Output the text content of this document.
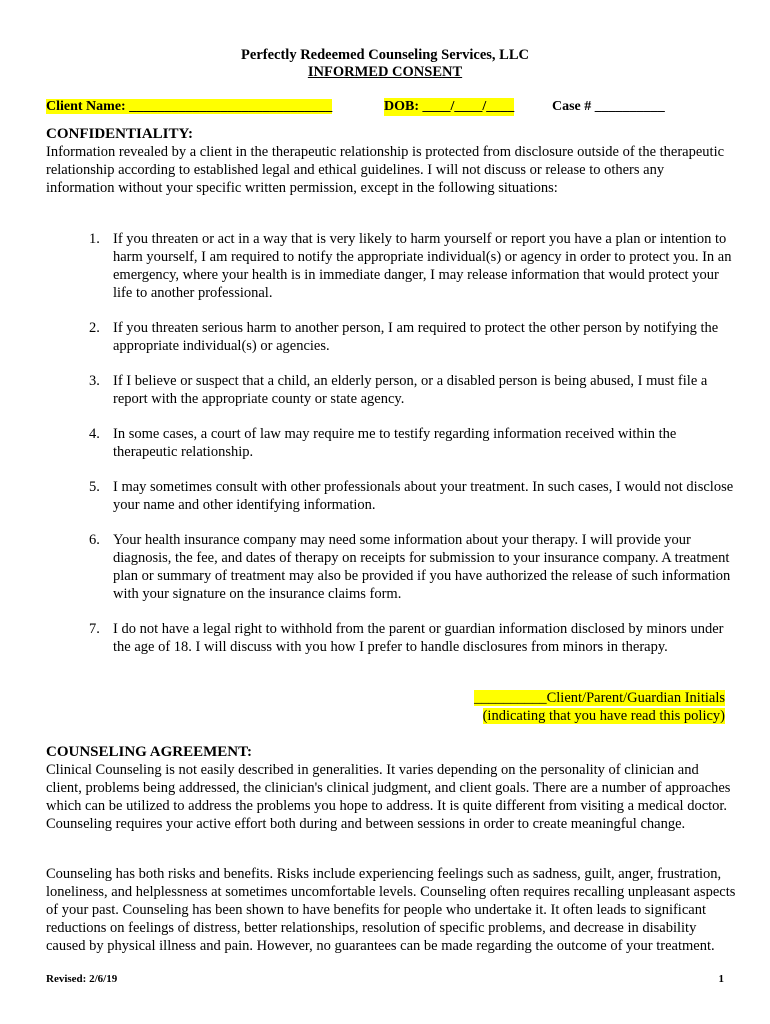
Perfectly Redeemed Counseling Services, LLC
INFORMED CONSENT
Client Name: _____________________________	DOB: ____/____/____	Case # __________
CONFIDENTIALITY:
Information revealed by a client in the therapeutic relationship is protected from disclosure outside of the therapeutic relationship according to established legal and ethical guidelines. I will not discuss or release to others any information without your specific written permission, except in the following situations:
1. If you threaten or act in a way that is very likely to harm yourself or report you have a plan or intention to harm yourself, I am required to notify the appropriate individual(s) or agency in order to protect you. In an emergency, where your health is in immediate danger, I may release information that would protect your life to another professional.
2. If you threaten serious harm to another person, I am required to protect the other person by notifying the appropriate individual(s) or agencies.
3. If I believe or suspect that a child, an elderly person, or a disabled person is being abused, I must file a report with the appropriate county or state agency.
4. In some cases, a court of law may require me to testify regarding information received within the therapeutic relationship.
5. I may sometimes consult with other professionals about your treatment. In such cases, I would not disclose your name and other identifying information.
6. Your health insurance company may need some information about your therapy. I will provide your diagnosis, the fee, and dates of therapy on receipts for submission to your insurance company. A treatment plan or summary of treatment may also be provided if you have authorized the release of such information with your signature on the insurance claims form.
7. I do not have a legal right to withhold from the parent or guardian information disclosed by minors under the age of 18. I will discuss with you how I prefer to handle disclosures from minors in therapy.
__________Client/Parent/Guardian Initials
(indicating that you have read this policy)
COUNSELING AGREEMENT:
Clinical Counseling is not easily described in generalities. It varies depending on the personality of clinician and client, problems being addressed, the clinician's clinical judgment, and client goals. There are a number of approaches which can be utilized to address the problems you hope to address. It is quite different from visiting a medical doctor. Counseling requires your active effort both during and between sessions in order to create meaningful change.
Counseling has both risks and benefits. Risks include experiencing feelings such as sadness, guilt, anger, frustration, loneliness, and helplessness at sometimes uncomfortable levels. Counseling often requires recalling unpleasant aspects of your past. Counseling has been shown to have benefits for people who undertake it. It often leads to significant reductions on feelings of distress, better relationships, resolution of specific problems, and decrease in disability caused by physical illness and pain. However, no guarantees can be made regarding the outcome of your treatment.
Revised: 2/6/19	1
